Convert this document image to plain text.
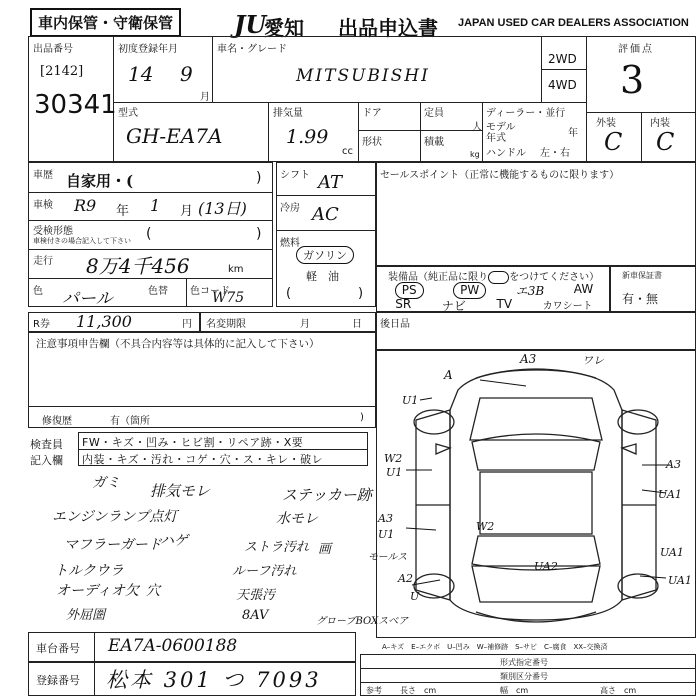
車内保管・守衛保管	JU
愛知 出品申込書 JAPAN USED CAR DEALERS ASSOCIATION
出品番号
[2142]
30341
初度登録年月
14 9
月
車名・グレード
MITSUBISHI
2WD
4WD
評価点
3
外装	内装
C C
型式
GH-EA7A
排気量
1.99
cc
ドア
形状
定員
人
積載
kg
ディーラー・並行
モデル
年式	年
ハンドル 左・右
車歴 自家用・(	)
車検 R9 年 1 月 (13日)
受検形態
車検付きの場合記入して下さい (	)
走行 8万4千456	km
色 パール	色替 色コード
W75
シフト AT
冷房 AC
燃料
ガソリン
軽　油
(	)
セールスポイント（正常に機能するものに限ります）
装備品（純正品に限り をつけてください）
PS	PW	エ3B AW
SR	ナビ	TV	カワシート
新車保証書
有・無
R券 11,300	円 名変期限	月	日 後日品
注意事項申告欄（不具合内容等は具体的に記入して下さい）
修復歴	有（箇所	)
検査員
記入欄
FW・キズ・凹み・ヒビ割・リペア跡・X要
内装・キズ・汚れ・コゲ・穴・ス・キレ・破レ
ガミ 排気モレ	ステッカー跡
エンジンランプ点灯	水モレ
マフラーガード
ハゲ	ストラ汚れ 画
トルクウラ	ルーフ汚れ
オーディオ欠 穴	天張汚
外屈圏	8AV	グローブBOXスベア
車台番号 EA7A-0600188
登録番号 松本 301 つ 7093
A3	ワレ
A
U1
W2
U1
A3
UA1
W2
A3
U1
モールス
UA2
A2
UA1
UA1
U
A–キズ　E–エクボ　U–凹み　W–補修跡　S–サビ　C–腐食　XX–交換済
形式指定番号
類別区分番号
参考 長さ　cm	幅　cm	高さ　cm
